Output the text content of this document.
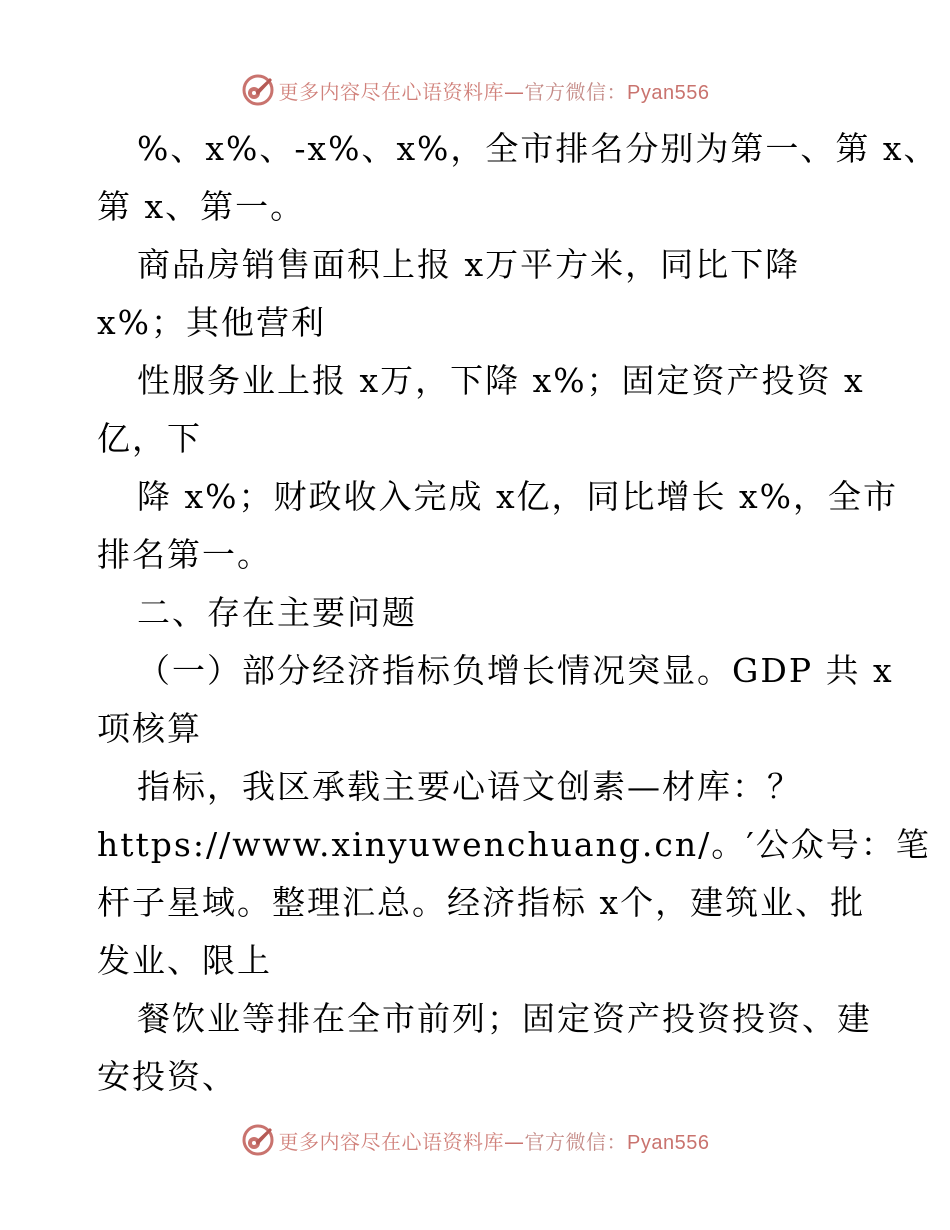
更多内容尽在心语资料库—官方微信：Pyan556
%、x%、-x%、x%，全市排名分别为第一、第 x、
第 x、第一。
商品房销售面积上报 x万平方米，同比下降
x%；其他营利
性服务业上报 x万，下降 x%；固定资产投资 x
亿，下
降 x%；财政收入完成 x亿，同比增长 x%，全市
排名第一。
二、存在主要问题
（一）部分经济指标负增长情况突显。GDP 共 x
项核算
指标，我区承载主要心语文创素—材库：？
https://www.xinyuwenchuang.cn/。′公众号：笔
杆子星域。整理汇总。经济指标 x个，建筑业、批
发业、限上
餐饮业等排在全市前列；固定资产投资投资、建
安投资、
更多内容尽在心语资料库—官方微信：Pyan556
